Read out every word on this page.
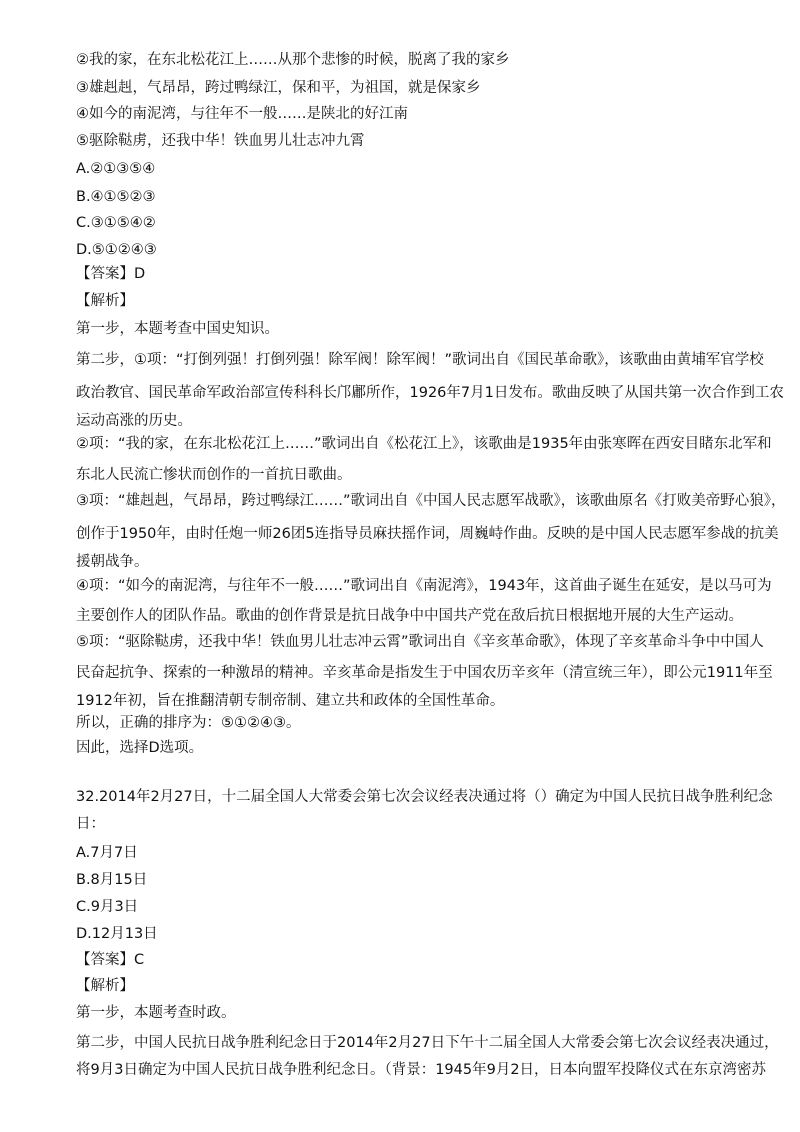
②我的家，在东北松花江上……从那个悲惨的时候，脱离了我的家乡
③雄赳赳，气昂昂，跨过鸭绿江，保和平，为祖国，就是保家乡
④如今的南泥湾，与往年不一般……是陕北的好江南
⑤驱除鞑虏，还我中华！铁血男儿壮志冲九霄
A.②①③⑤④
B.④①⑤②③
C.③①⑤④②
D.⑤①②④③
【答案】D
【解析】
第一步，本题考查中国史知识。
第二步，①项：“打倒列强！打倒列强！除军阀！除军阀！”歌词出自《国民革命歌》，该歌曲由黄埔军官学校
政治教官、国民革命军政治部宣传科科长邝鄘所作，1926年7月1日发布。歌曲反映了从国共第一次合作到工农
运动高涨的历史。
②项：“我的家，在东北松花江上……”歌词出自《松花江上》，该歌曲是1935年由张寒晖在西安目睹东北军和
东北人民流亡惨状而创作的一首抗日歌曲。
③项：“雄赳赳，气昂昂，跨过鸭绿江……”歌词出自《中国人民志愿军战歌》，该歌曲原名《打败美帝野心狼》，
创作于1950年，由时任炮一师26团5连指导员麻扶摇作词，周巍峙作曲。反映的是中国人民志愿军参战的抗美
援朝战争。
④项：“如今的南泥湾，与往年不一般……”歌词出自《南泥湾》，1943年，这首曲子诞生在延安，是以马可为
主要创作人的团队作品。歌曲的创作背景是抗日战争中中国共产党在敌后抗日根据地开展的大生产运动。
⑤项：“驱除鞑虏，还我中华！铁血男儿壮志冲云霄”歌词出自《辛亥革命歌》，体现了辛亥革命斗争中中国人
民奋起抗争、探索的一种激昂的精神。辛亥革命是指发生于中国农历辛亥年（清宣统三年），即公元1911年至
1912年初，旨在推翻清朝专制帝制、建立共和政体的全国性革命。
所以，正确的排序为：⑤①②④③。
因此，选择D选项。
32.2014年2月27日，十二届全国人大常委会第七次会议经表决通过将（）确定为中国人民抗日战争胜利纪念
日：
A.7月7日
B.8月15日
C.9月3日
D.12月13日
【答案】C
【解析】
第一步，本题考查时政。
第二步，中国人民抗日战争胜利纪念日于2014年2月27日下午十二届全国人大常委会第七次会议经表决通过，
将9月3日确定为中国人民抗日战争胜利纪念日。（背景：1945年9月2日，日本向盟军投降仪式在东京湾密苏
